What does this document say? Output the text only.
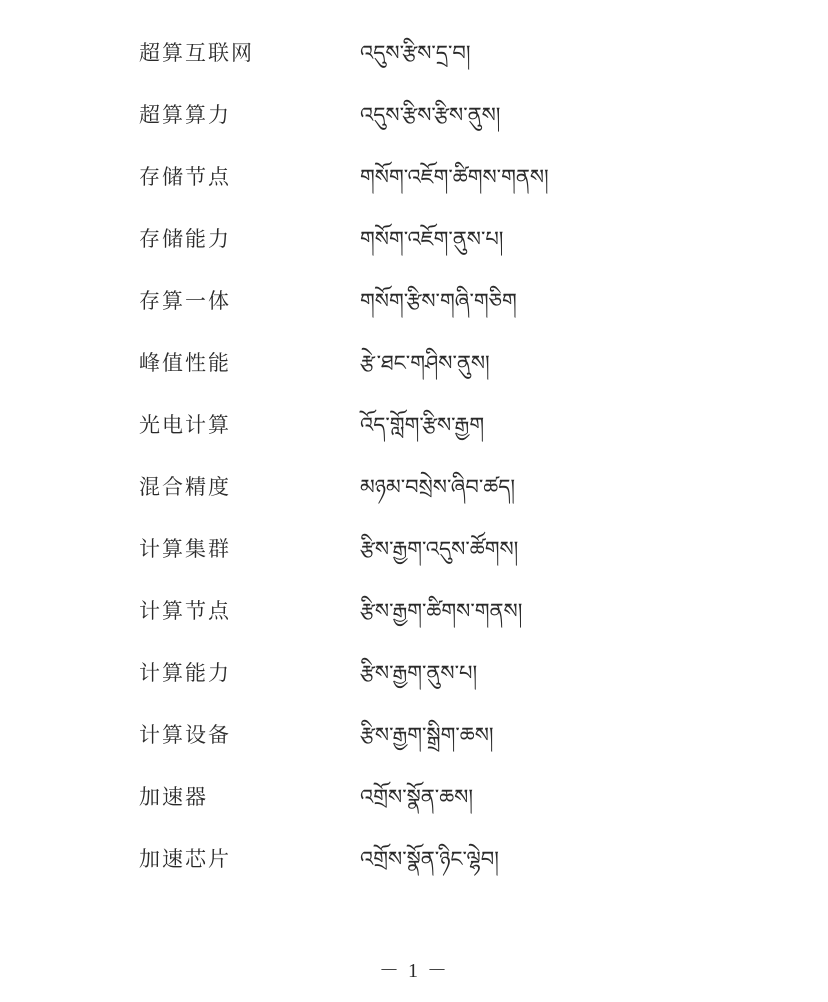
超算互联网	འདུས་རྩིས་དྲ་བ།
超算算力	འདུས་རྩིས་རྩིས་ནུས།
存储节点	གསོག་འཇོག་ཚིགས་གནས།
存储能力	གསོག་འཇོག་ནུས་པ།
存算一体	གསོག་རྩིས་གཞི་གཅིག
峰值性能	རྩེ་ཐང་གཤིས་ནུས།
光电计算	འོད་གློག་རྩིས་རྒྱག
混合精度	མཉམ་བསྲེས་ཞིབ་ཚད།
计算集群	རྩིས་རྒྱག་འདུས་ཚོགས།
计算节点	རྩིས་རྒྱག་ཚིགས་གནས།
计算能力	རྩིས་རྒྱག་ནུས་པ།
计算设备	རྩིས་རྒྱག་སྒྲིག་ཆས།
加速器	འགྲོས་སྣོན་ཆས།
加速芯片	འགྲོས་སྣོན་ཉིང་ལྷེབ།
－ 1 －
